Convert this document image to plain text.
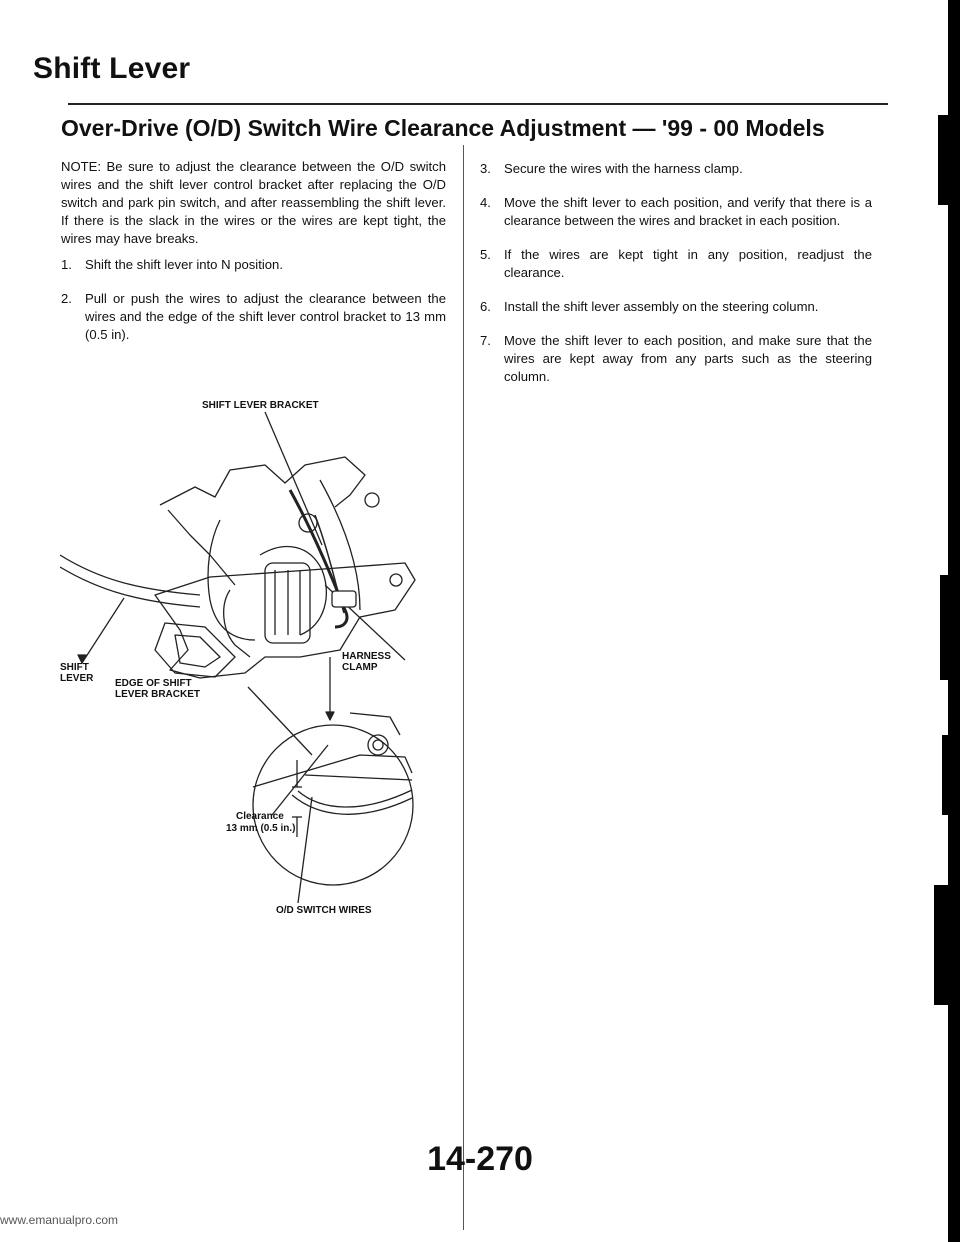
Shift Lever
Over-Drive (O/D) Switch Wire Clearance Adjustment — '99 - 00 Models

NOTE: Be sure to adjust the clearance between the O/D switch wires and the shift lever control bracket after replacing the O/D switch and park pin switch, and after reassembling the shift lever. If there is the slack in the wires or the wires are kept tight, the wires may have breaks.

1. Shift the shift lever into N position.
2. Pull or push the wires to adjust the clearance between the wires and the edge of the shift lever control bracket to 13 mm (0.5 in).
3. Secure the wires with the harness clamp.
4. Move the shift lever to each position, and verify that there is a clearance between the wires and bracket in each position.
5. If the wires are kept tight in any position, readjust the clearance.
6. Install the shift lever assembly on the steering column.
7. Move the shift lever to each position, and make sure that the wires are kept away from any parts such as the steering column.
SHIFT LEVER BRACKET
SHIFT LEVER
HARNESS CLAMP
EDGE OF SHIFT LEVER BRACKET
Clearance
13 mm (0.5 in.)
O/D SWITCH WIRES

14-270

www.emanualpro.com
